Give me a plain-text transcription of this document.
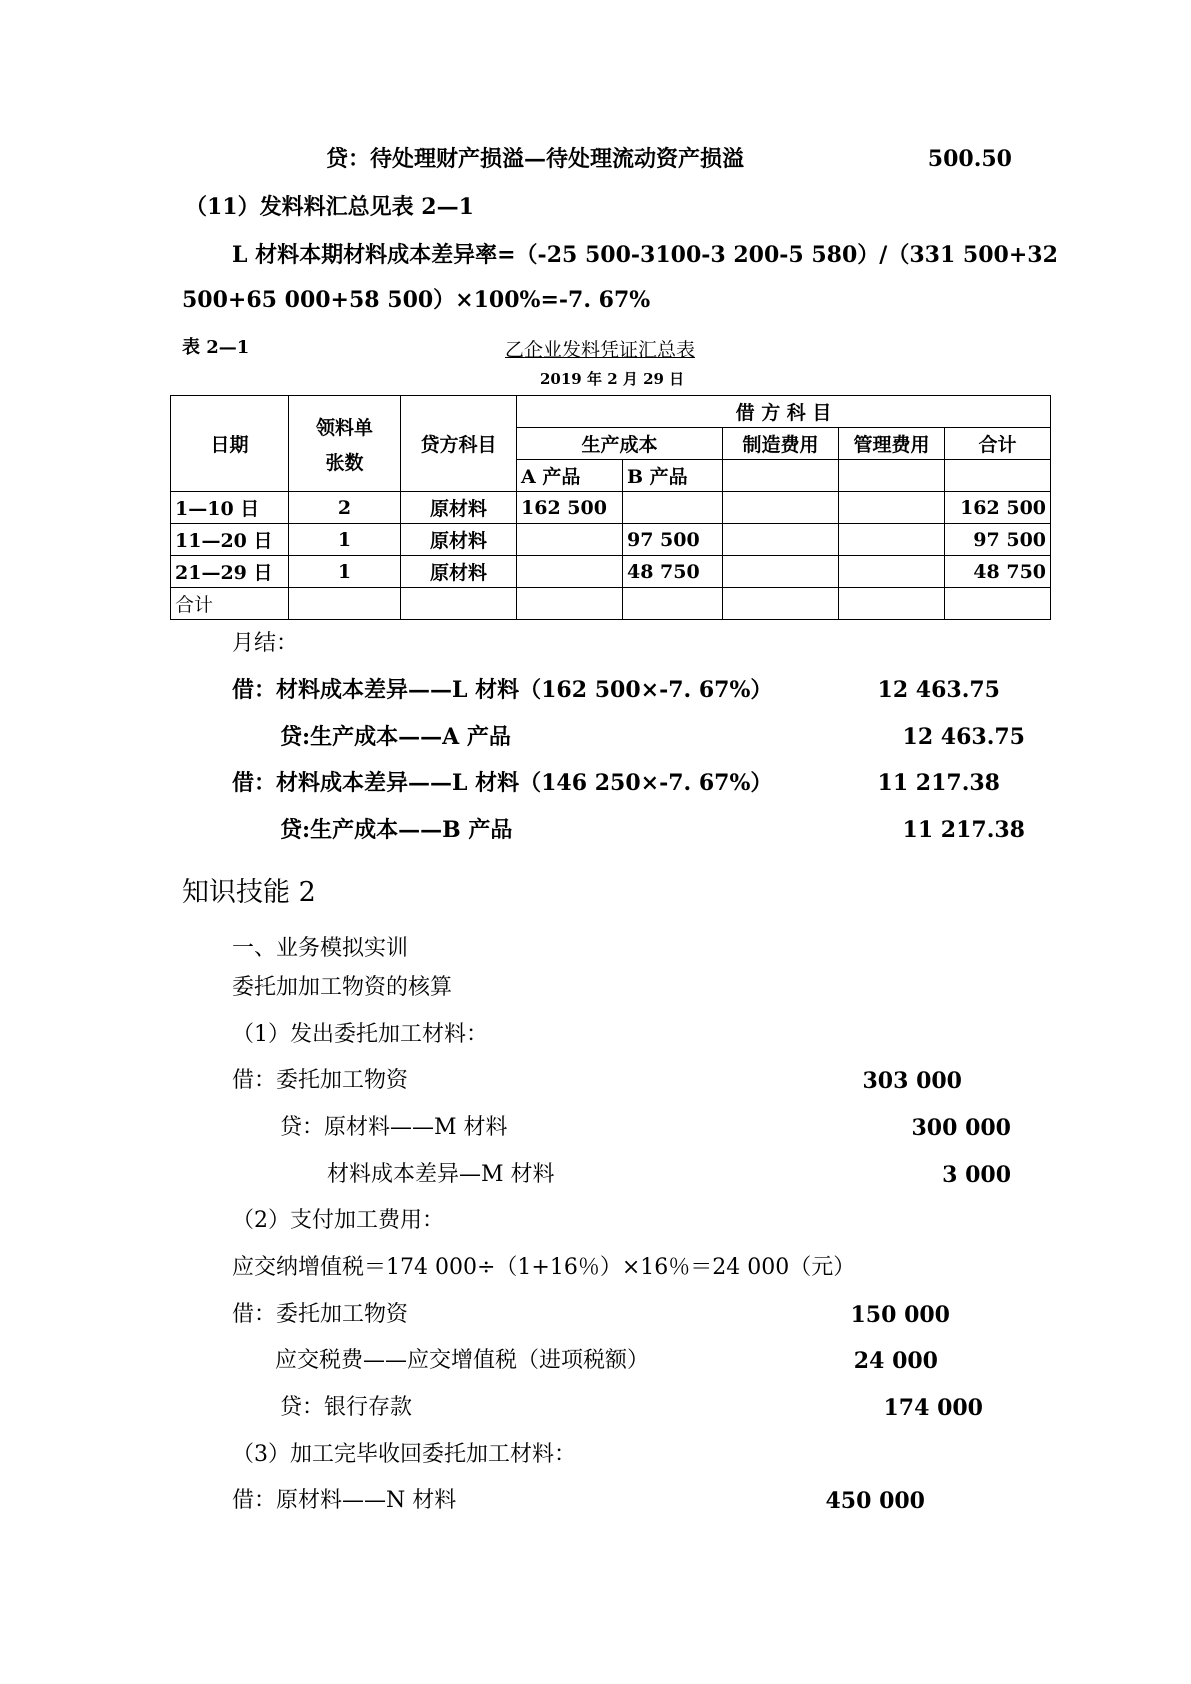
贷：待处理财产损溢—待处理流动资产损溢	500.50
（11）发料料汇总见表 2—1
L 材料本期材料成本差异率=（-25 500-3100-3 200-5 580）/（331 500+32
500+65 000+58 500）×100%=-7. 67%
表 2—1	乙企业发料凭证汇总表
2019 年 2 月 29 日
日期	领料单
张数	贷方科目	借 方 科 目				
			生产成本		制造费用	管理费用	合计
			A 产品	B 产品			
1—10 日	2	原材料	162 500				162 500
11—20 日	1	原材料		97 500			97 500
21—29 日	1	原材料		48 750			48 750
合计							
月结：
借：材料成本差异——L 材料（162 500×-7. 67%）	12 463.75
贷:生产成本——A 产品	12 463.75
借：材料成本差异——L 材料（146 250×-7. 67%）	11 217.38
贷:生产成本——B 产品	11 217.38
知识技能 2
一、业务模拟实训
委托加加工物资的核算
（1）发出委托加工材料：
借：委托加工物资	303 000
贷：原材料——M 材料	300 000
材料成本差异—M 材料	3 000
（2）支付加工费用：
应交纳增值税＝174 000÷（1+16％）×16％＝24 000（元）
借：委托加工物资	150 000
应交税费——应交增值税（进项税额）	24 000
贷：银行存款	174 000
（3）加工完毕收回委托加工材料：
借：原材料——N 材料	450 000
